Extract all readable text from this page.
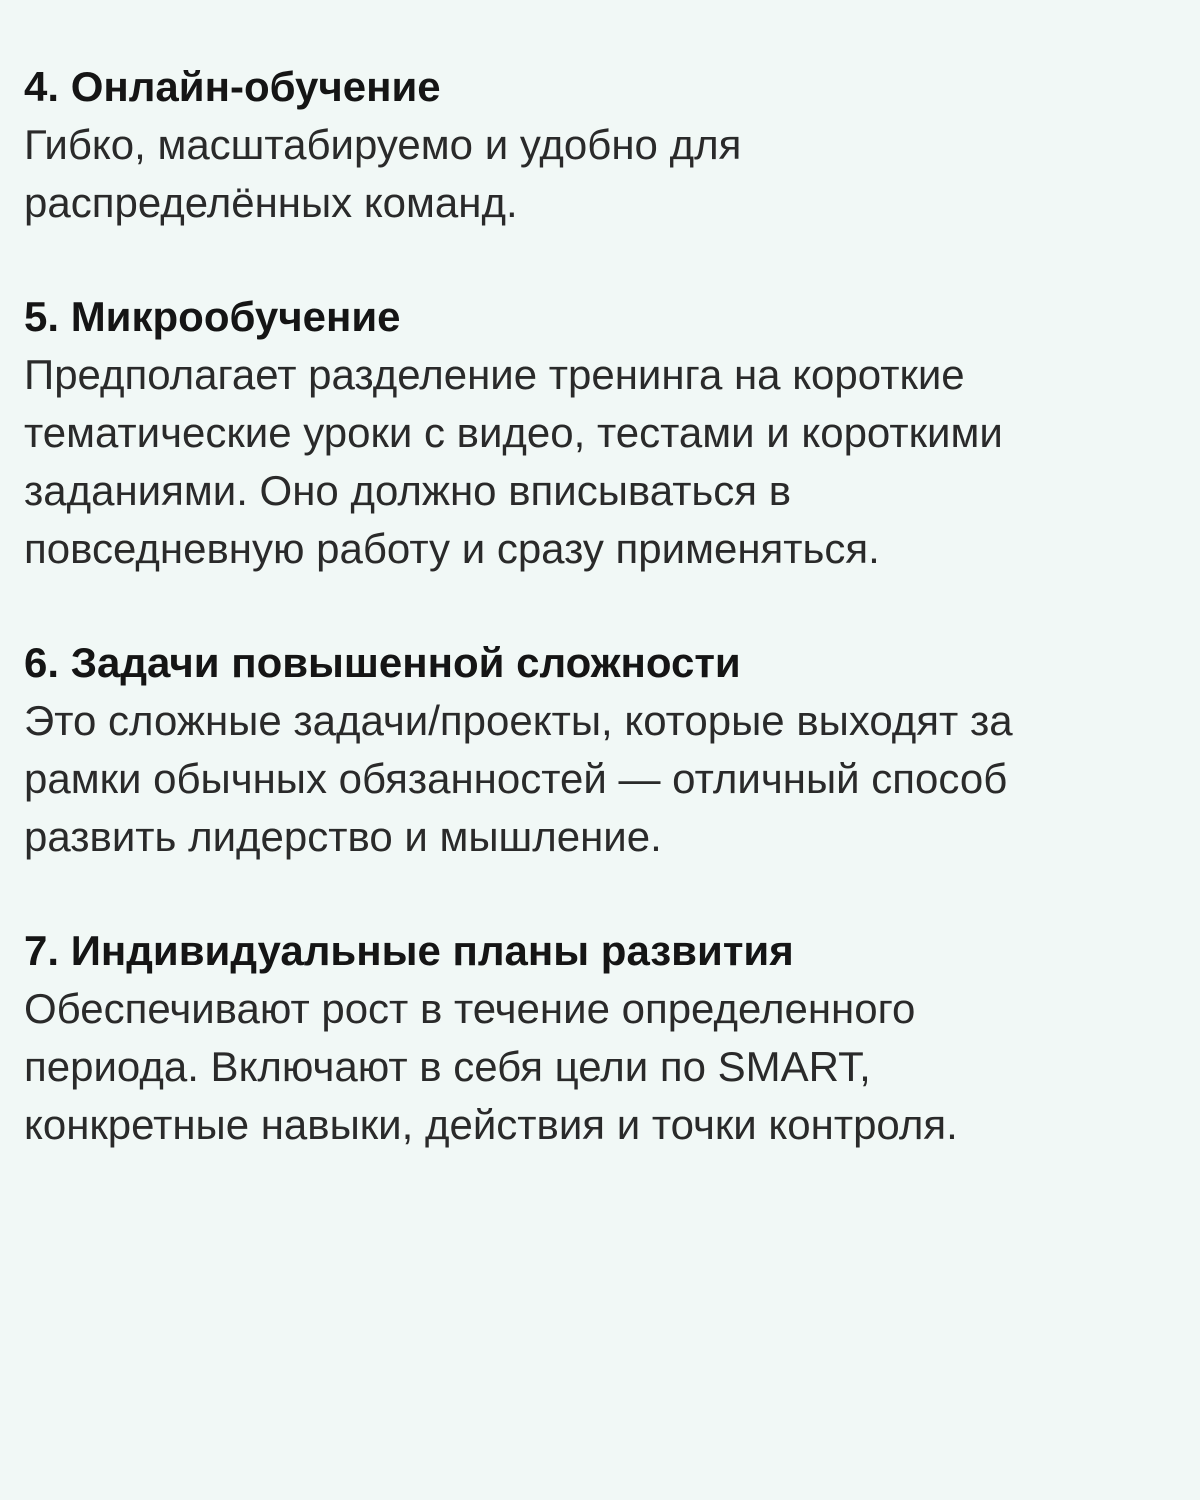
4. Онлайн-обучение

Гибко, масштабируемо и удобно для
распределённых команд.

5. Микрообучение

Предполагает разделение тренинга на короткие
тематические уроки с видео, тестами и короткими
заданиями. Оно должно вписываться в
повседневную работу и сразу применяться.

6. Задачи повышенной сложности

Это сложные задачи/проекты, которые выходят за
рамки обычных обязанностей — отличный способ
развить лидерство и мышление.

7. Индивидуальные планы развития

Обеспечивают рост в течение определенного
периода. Включают в себя цели по SMART,
конкретные навыки, действия и точки контроля.
